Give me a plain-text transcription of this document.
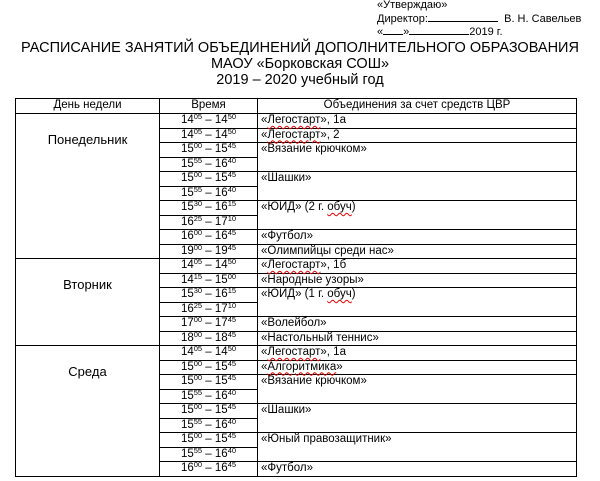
«Утверждаю»
Директор:	В. Н. Савельев
« »	2019 г.
РАСПИСАНИЕ ЗАНЯТИЙ ОБЪЕДИНЕНИЙ ДОПОЛНИТЕЛЬНОГО ОБРАЗОВАНИЯ
МАОУ «Борковская СОШ»
2019 – 2020 учебный год
День недели	Время	Объединения за счет средств ЦВР

Понедельник	$14^{05} - 14^{50}$	«Легостарт», 1а
	$14^{05} - 14^{50}$	«Легостарт», 2
	$15^{00} - 15^{45}$	«Вязание крючком»
	$15^{55} - 16^{40}$
	$15^{00} - 15^{45}$	«Шашки»
	$15^{55} - 16^{40}$
	$15^{30} - 16^{15}$	«ЮИД» (2 г. обуч)
	$16^{25} - 17^{10}$
	$16^{00} - 16^{45}$	«Футбол»
	$19^{00} - 19^{45}$	«Олимпийцы среди нас»

Вторник	$14^{05} - 14^{50}$	«Легостарт», 1б
	$14^{15} - 15^{00}$	«Народные узоры»
	$15^{30} - 16^{15}$	«ЮИД» (1 г. обуч)
	$16^{25} - 17^{10}$
	$17^{00} - 17^{45}$	«Волейбол»
	$18^{00} - 18^{45}$	«Настольный теннис»

Среда	$14^{05} - 14^{50}$	«Легостарт», 1а
	$15^{00} - 15^{45}$	«Алгоритмика»
	$15^{00} - 15^{45}$	«Вязание крючком»
	$15^{55} - 16^{40}$
	$15^{00} - 15^{45}$	«Шашки»
	$15^{55} - 16^{40}$
	$15^{00} - 15^{45}$	«Юный правозащитник»
	$15^{55} - 16^{40}$
	$16^{00} - 16^{45}$	«Футбол»
